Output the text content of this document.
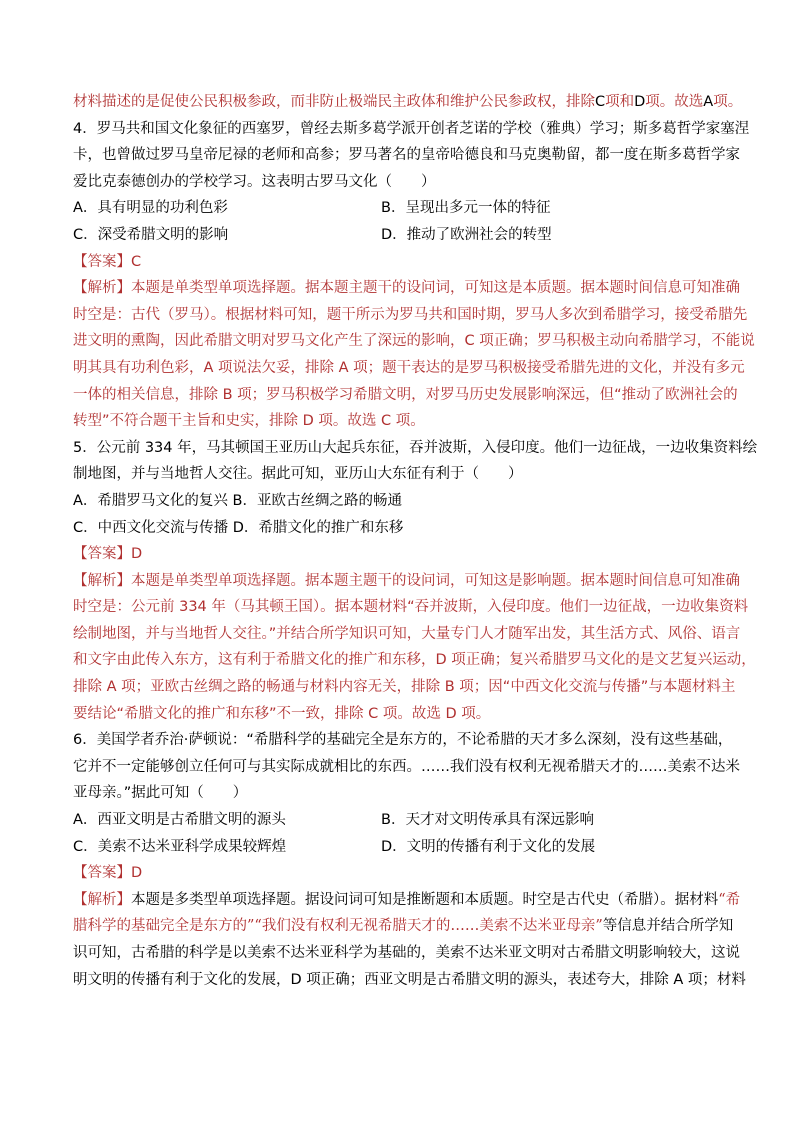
材料描述的是促使公民积极参政，而非防止极端民主政体和维护公民参政权，排除C项和D项。故选A项。
4．罗马共和国文化象征的西塞罗，曾经去斯多葛学派开创者芝诺的学校（雅典）学习；斯多葛哲学家塞涅
卡，也曾做过罗马皇帝尼禄的老师和高参；罗马著名的皇帝哈德良和马克奥勒留，都一度在斯多葛哲学家
爱比克泰德创办的学校学习。这表明古罗马文化（　　）
A．具有明显的功利色彩	B．呈现出多元一体的特征
C．深受希腊文明的影响	D．推动了欧洲社会的转型
【答案】C
【解析】本题是单类型单项选择题。据本题主题干的设问词，可知这是本质题。据本题时间信息可知准确
时空是：古代（罗马）。根据材料可知，题干所示为罗马共和国时期，罗马人多次到希腊学习，接受希腊先
进文明的熏陶，因此希腊文明对罗马文化产生了深远的影响，C 项正确；罗马积极主动向希腊学习，不能说
明其具有功利色彩，A 项说法欠妥，排除 A 项；题干表达的是罗马积极接受希腊先进的文化，并没有多元
一体的相关信息，排除 B 项；罗马积极学习希腊文明，对罗马历史发展影响深远，但“推动了欧洲社会的
转型”不符合题干主旨和史实，排除 D 项。故选 C 项。
5．公元前 334 年，马其顿国王亚历山大起兵东征，吞并波斯，入侵印度。他们一边征战，一边收集资料绘
制地图，并与当地哲人交往。据此可知，亚历山大东征有利于（　　）
A．希腊罗马文化的复兴 B．亚欧古丝绸之路的畅通
C．中西文化交流与传播 D．希腊文化的推广和东移
【答案】D
【解析】本题是单类型单项选择题。据本题主题干的设问词，可知这是影响题。据本题时间信息可知准确
时空是：公元前 334 年（马其顿王国）。据本题材料“吞并波斯，入侵印度。他们一边征战，一边收集资料
绘制地图，并与当地哲人交往。”并结合所学知识可知，大量专门人才随军出发，其生活方式、风俗、语言
和文字由此传入东方，这有利于希腊文化的推广和东移，D 项正确；复兴希腊罗马文化的是文艺复兴运动，
排除 A 项；亚欧古丝绸之路的畅通与材料内容无关，排除 B 项；因“中西文化交流与传播”与本题材料主
要结论“希腊文化的推广和东移”不一致，排除 C 项。故选 D 项。
6．美国学者乔治·萨顿说：“希腊科学的基础完全是东方的，不论希腊的天才多么深刻，没有这些基础，
它并不一定能够创立任何可与其实际成就相比的东西。……我们没有权利无视希腊天才的……美索不达米
亚母亲。”据此可知（　　）
A．西亚文明是古希腊文明的源头	B．天才对文明传承具有深远影响
C．美索不达米亚科学成果较辉煌	D．文明的传播有利于文化的发展
【答案】D
【解析】本题是多类型单项选择题。据设问词可知是推断题和本质题。时空是古代史（希腊）。据材料“希
腊科学的基础完全是东方的”“我们没有权利无视希腊天才的……美索不达米亚母亲”等信息并结合所学知
识可知，古希腊的科学是以美索不达米亚科学为基础的，美索不达米亚文明对古希腊文明影响较大，这说
明文明的传播有利于文化的发展，D 项正确；西亚文明是古希腊文明的源头，表述夸大，排除 A 项；材料
